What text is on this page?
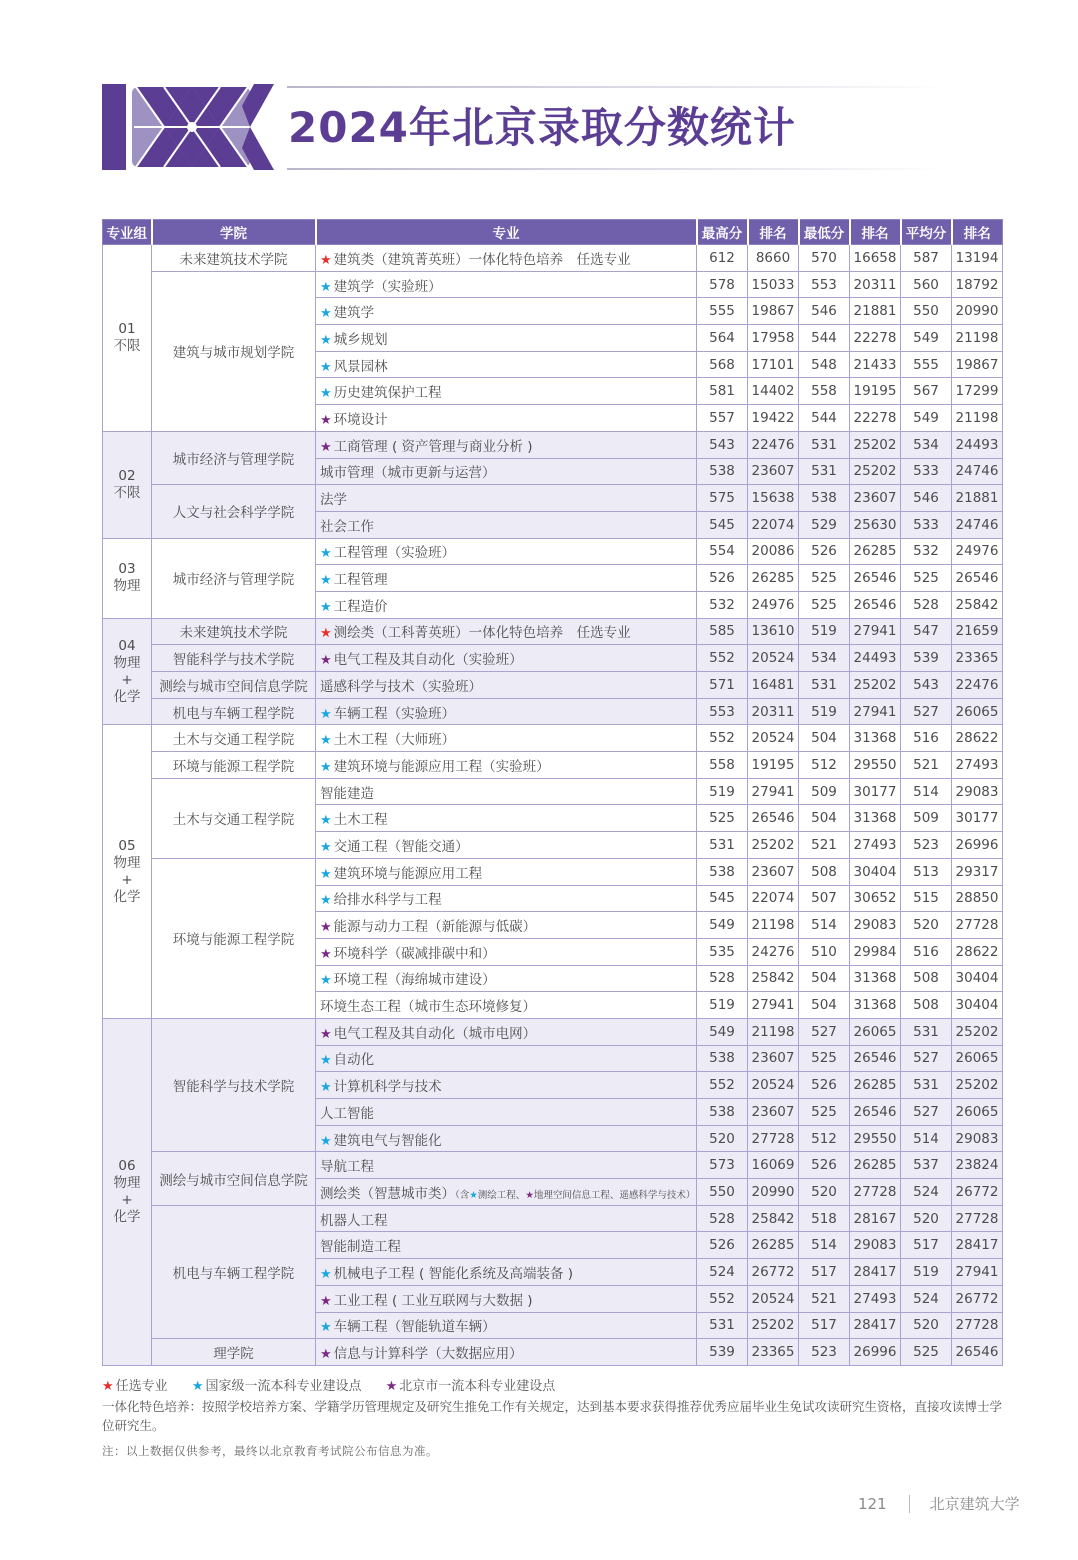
2024年北京录取分数统计
专业组	学院	专业	最高分	排名	最低分	排名	平均分	排名

01
不限	未来建筑技术学院	★ 建筑类（建筑菁英班）一体化特色培养　任选专业	612	8660	570	16658	587	13194
	建筑与城市规划学院	★ 建筑学（实验班）	578	15033	553	20311	560	18792
		★ 建筑学	555	19867	546	21881	550	20990
		★ 城乡规划	564	17958	544	22278	549	21198
		★ 风景园林	568	17101	548	21433	555	19867
		★ 历史建筑保护工程	581	14402	558	19195	567	17299
		★ 环境设计	557	19422	544	22278	549	21198

02
不限	城市经济与管理学院	★ 工商管理 ( 资产管理与商业分析 )	543	22476	531	25202	534	24493
		城市管理（城市更新与运营）	538	23607	531	25202	533	24746
	人文与社会科学学院	法学	575	15638	538	23607	546	21881
		社会工作	545	22074	529	25630	533	24746

03
物理	城市经济与管理学院	★ 工程管理（实验班）	554	20086	526	26285	532	24976
		★ 工程管理	526	26285	525	26546	525	26546
		★ 工程造价	532	24976	525	26546	528	25842

04
物理
+
化学	未来建筑技术学院	★ 测绘类（工科菁英班）一体化特色培养　任选专业	585	13610	519	27941	547	21659
	智能科学与技术学院	★ 电气工程及其自动化（实验班）	552	20524	534	24493	539	23365
	测绘与城市空间信息学院	遥感科学与技术（实验班）	571	16481	531	25202	543	22476
	机电与车辆工程学院	★ 车辆工程（实验班）	553	20311	519	27941	527	26065

05
物理
+
化学	土木与交通工程学院	★ 土木工程（大师班）	552	20524	504	31368	516	28622
	环境与能源工程学院	★ 建筑环境与能源应用工程（实验班）	558	19195	512	29550	521	27493
	土木与交通工程学院	智能建造	519	27941	509	30177	514	29083
		★ 土木工程	525	26546	504	31368	509	30177
		★ 交通工程（智能交通）	531	25202	521	27493	523	26996
	环境与能源工程学院	★ 建筑环境与能源应用工程	538	23607	508	30404	513	29317
		★ 给排水科学与工程	545	22074	507	30652	515	28850
		★ 能源与动力工程（新能源与低碳）	549	21198	514	29083	520	27728
		★ 环境科学（碳减排碳中和）	535	24276	510	29984	516	28622
		★ 环境工程（海绵城市建设）	528	25842	504	31368	508	30404
		环境生态工程（城市生态环境修复）	519	27941	504	31368	508	30404

06
物理
+
化学	智能科学与技术学院	★ 电气工程及其自动化（城市电网）	549	21198	527	26065	531	25202
		★ 自动化	538	23607	525	26546	527	26065
		★ 计算机科学与技术	552	20524	526	26285	531	25202
		人工智能	538	23607	525	26546	527	26065
		★ 建筑电气与智能化	520	27728	512	29550	514	29083
	测绘与城市空间信息学院	导航工程	573	16069	526	26285	537	23824
		测绘类（智慧城市类）（含★测绘工程、★地理空间信息工程、遥感科学与技术）	550	20990	520	27728	524	26772
	机电与车辆工程学院	机器人工程	528	25842	518	28167	520	27728
		智能制造工程	526	26285	514	29083	517	28417
		★ 机械电子工程 ( 智能化系统及高端装备 )	524	26772	517	28417	519	27941
		★ 工业工程 ( 工业互联网与大数据 )	552	20524	521	27493	524	26772
		★ 车辆工程（智能轨道车辆）	531	25202	517	28417	520	27728
	理学院	★ 信息与计算科学（大数据应用）	539	23365	523	26996	525	26546
★ 任选专业 ★ 国家级一流本科专业建设点 ★ 北京市一流本科专业建设点
一体化特色培养：按照学校培养方案、学籍学历管理规定及研究生推免工作有关规定，达到基本要求获得推荐优秀应届毕业生免试攻读研究生资格，直接攻读博士学位研究生。
注：以上数据仅供参考，最终以北京教育考试院公布信息为准。
121	北京建筑大学
